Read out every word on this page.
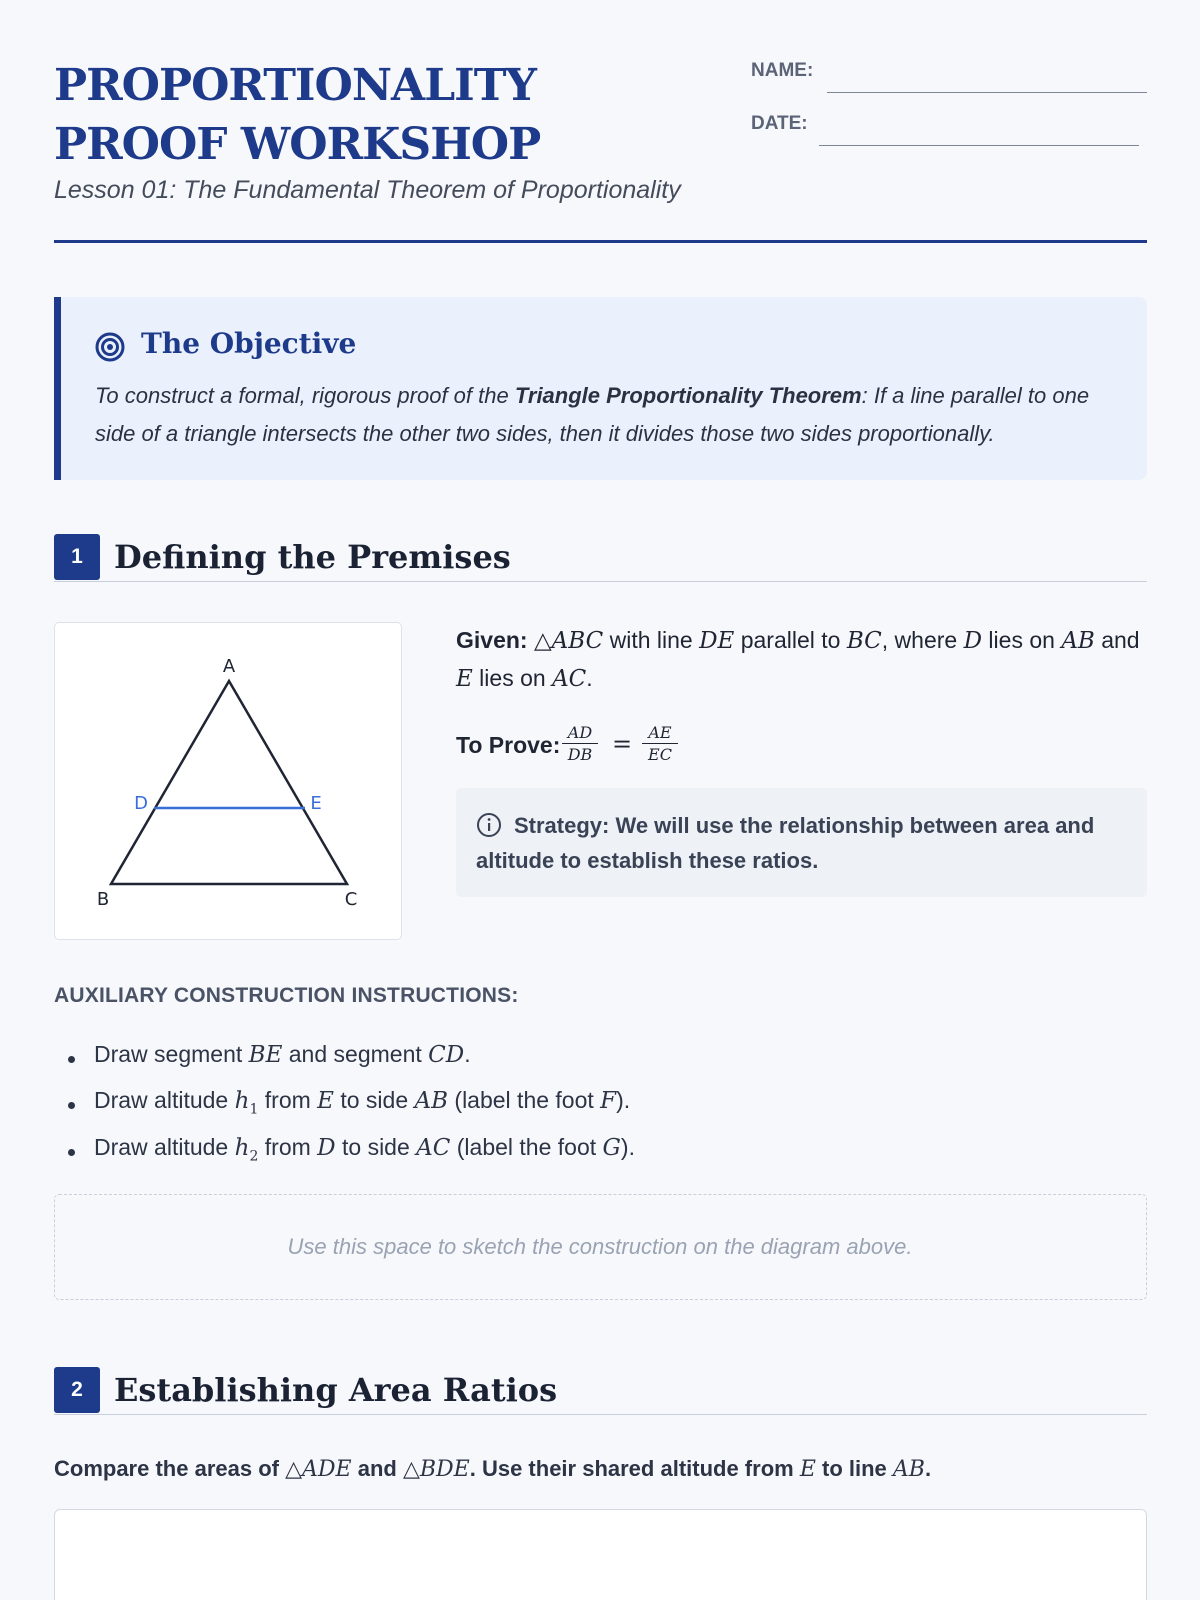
PROPORTIONALITY PROOF WORKSHOP
Lesson 01: The Fundamental Theorem of Proportionality
NAME:
DATE:
The Objective
To construct a formal, rigorous proof of the Triangle Proportionality Theorem: If a line parallel to one side of a triangle intersects the other two sides, then it divides those two sides proportionally.
1 Defining the Premises
A
B	C
D	E
Given: △ABC with line DE parallel to BC, where D lies on AB and E lies on AC.
To Prove: AD
DB =	AE
EC
Strategy: We will use the relationship between area and altitude to establish these ratios.
AUXILIARY CONSTRUCTION INSTRUCTIONS:
Draw segment BE and segment CD.
Draw altitude $h_1$ from E to side AB (label the foot F).
Draw altitude $h_2$ from D to side AC (label the foot G).
Use this space to sketch the construction on the diagram above.
2 Establishing Area Ratios
Compare the areas of △ADE and △BDE. Use their shared altitude from E to line AB.
